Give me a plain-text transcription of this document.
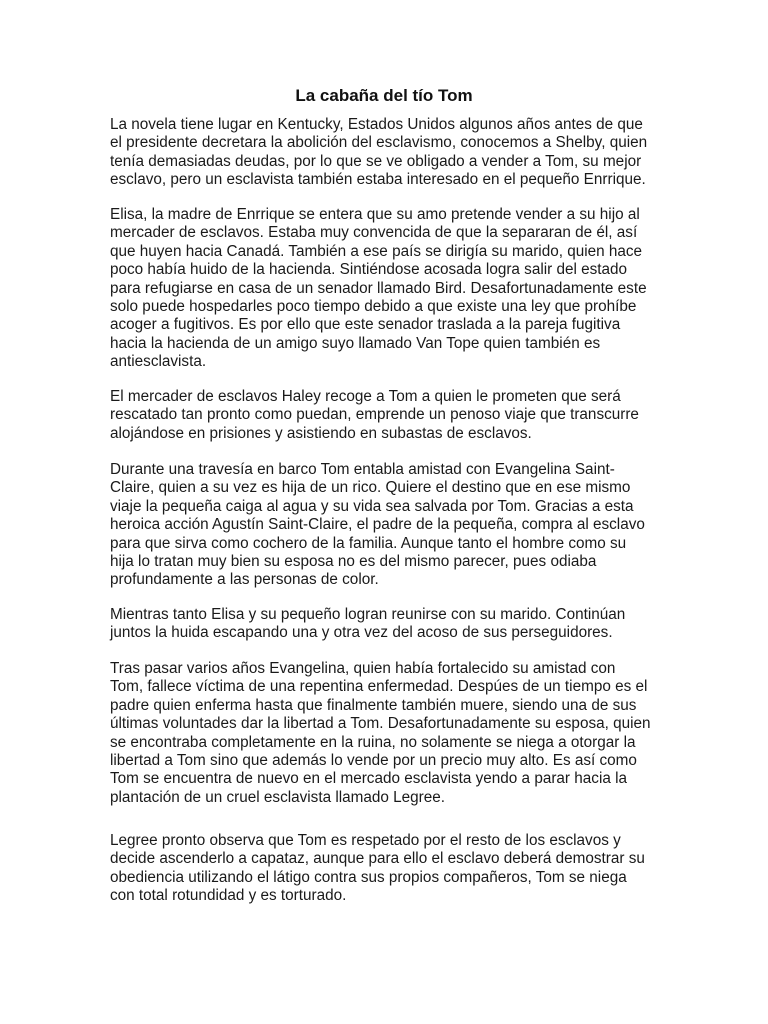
La cabaña del tío Tom

La novela tiene lugar en Kentucky, Estados Unidos algunos años antes de que
el presidente decretara la abolición del esclavismo, conocemos a Shelby, quien
tenía demasiadas deudas, por lo que se ve obligado a vender a Tom, su mejor
esclavo, pero un esclavista también estaba interesado en el pequeño Enrrique.

Elisa, la madre de Enrrique se entera que su amo pretende vender a su hijo al
mercader de esclavos. Estaba muy convencida de que la separaran de él, así
que huyen hacia Canadá. También a ese país se dirigía su marido, quien hace
poco había huido de la hacienda. Sintiéndose acosada logra salir del estado
para refugiarse en casa de un senador llamado Bird. Desafortunadamente este
solo puede hospedarles poco tiempo debido a que existe una ley que prohíbe
acoger a fugitivos. Es por ello que este senador traslada a la pareja fugitiva
hacia la hacienda de un amigo suyo llamado Van Tope quien también es
antiesclavista.

El mercader de esclavos Haley recoge a Tom a quien le prometen que será
rescatado tan pronto como puedan, emprende un penoso viaje que transcurre
alojándose en prisiones y asistiendo en subastas de esclavos.

Durante una travesía en barco Tom entabla amistad con Evangelina Saint-
Claire, quien a su vez es hija de un rico. Quiere el destino que en ese mismo
viaje la pequeña caiga al agua y su vida sea salvada por Tom. Gracias a esta
heroica acción Agustín Saint-Claire, el padre de la pequeña, compra al esclavo
para que sirva como cochero de la familia. Aunque tanto el hombre como su
hija lo tratan muy bien su esposa no es del mismo parecer, pues odiaba
profundamente a las personas de color.

Mientras tanto Elisa y su pequeño logran reunirse con su marido. Continúan
juntos la huida escapando una y otra vez del acoso de sus perseguidores.

Tras pasar varios años Evangelina, quien había fortalecido su amistad con
Tom, fallece víctima de una repentina enfermedad. Despúes de un tiempo es el
padre quien enferma hasta que finalmente también muere, siendo una de sus
últimas voluntades dar la libertad a Tom. Desafortunadamente su esposa, quien
se encontraba completamente en la ruina, no solamente se niega a otorgar la
libertad a Tom sino que además lo vende por un precio muy alto. Es así como
Tom se encuentra de nuevo en el mercado esclavista yendo a parar hacia la
plantación de un cruel esclavista llamado Legree.

Legree pronto observa que Tom es respetado por el resto de los esclavos y
decide ascenderlo a capataz, aunque para ello el esclavo deberá demostrar su
obediencia utilizando el látigo contra sus propios compañeros, Tom se niega
con total rotundidad y es torturado.
